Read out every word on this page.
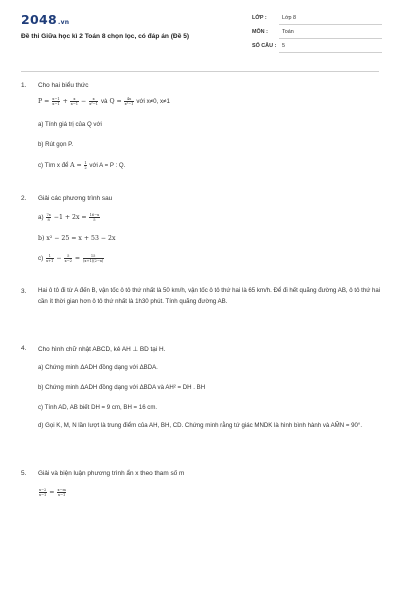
2048.vn
Đề thi Giữa học kì 2 Toán 8 chọn lọc, có đáp án (Đề 5)
LỚP :	Lớp 8
MÔN :	Toán
SỐ CÂU : 5
1. Cho hai biểu thức
$P = \frac{x-1}{x-1} + \frac{x}{x-1} - \frac{x}{\text{x²−1}}$ và $Q = \frac{4x}{\text{x²−1}}$ với x≠0, x≠1
a) Tính giá trị của Q với
b) Rút gọn P.
c) Tìm x để $A = \frac{1}{2}$ với A = P : Q.
2. Giải các phương trình sau
$a) \frac{7x}{8} -1 + 2x = \frac{16-x}{5}$
b) x² − 25 = x + 53 − 2x
$c) \frac{1}{x+1} - \frac{5}{x-2} = \frac{15}{(x+1)(2-x)}$
3. Hai ô tô đi từ A đến B, vận tốc ô tô thứ nhất là 50 km/h, vận tốc ô tô thứ hai là 65 km/h. Để đi hết quãng đường AB, ô tô thứ hai cần ít thời gian hơn ô tô thứ nhất là 1h30 phút. Tính quãng đường AB.
4. Cho hình chữ nhật ABCD, kẻ AH ⊥ BD tại H.
a) Chứng minh ΔADH đồng dạng với ΔBDA.
b) Chứng minh ΔADH đồng dạng với ΔBDA và AH² = DH . BH
c) Tính AD, AB biết DH = 9 cm, BH = 16 cm.
d) Gọi K, M, N lần lượt là trung điểm của AH, BH, CD. Chứng minh rằng tứ giác MNDK là hình bình hành và AM̂N = 90°.
5. Giải và biện luận phương trình ẩn x theo tham số m
$\frac{x-2}{x-1} = \frac{x-m}{x-1}$
